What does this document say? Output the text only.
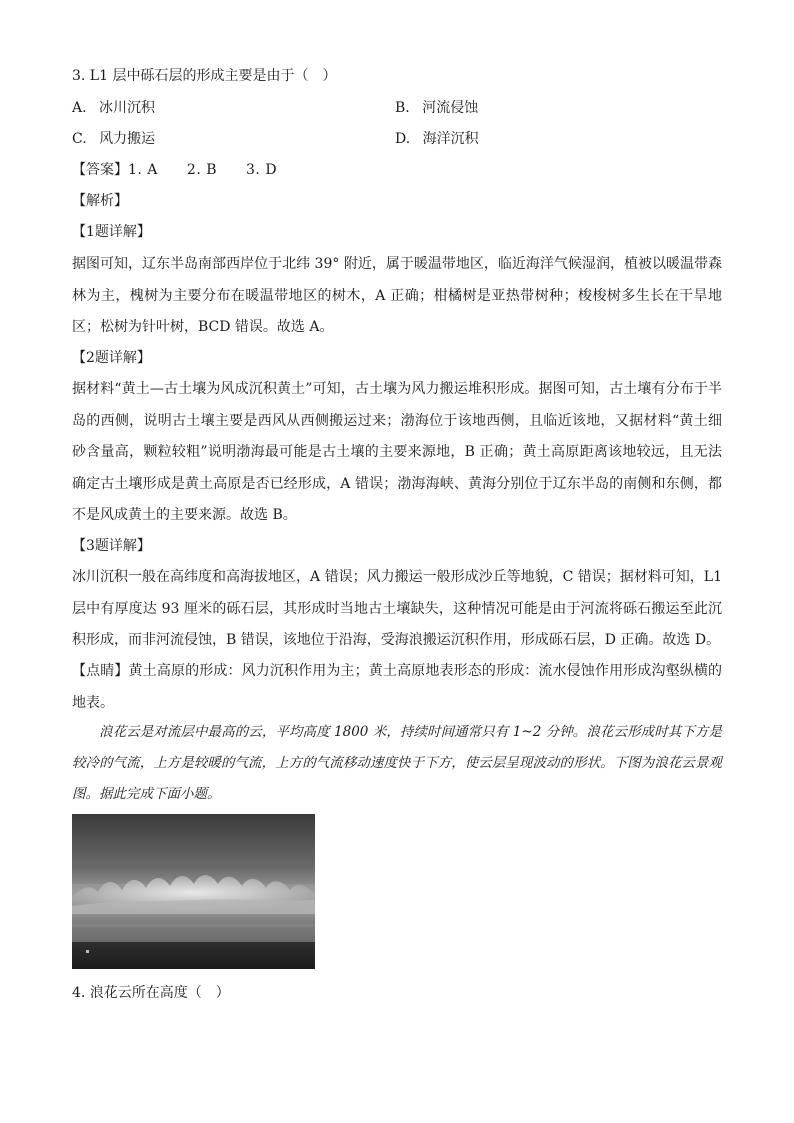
3. L1 层中砾石层的形成主要是由于（　）
A. 冰川沉积	B. 河流侵蚀
C. 风力搬运	D. 海洋沉积
【答案】1. A　　2. B　　3. D
【解析】
【1题详解】
据图可知，辽东半岛南部西岸位于北纬 39° 附近，属于暖温带地区，临近海洋气候湿润，植被以暖温带森林为主，槐树为主要分布在暖温带地区的树木，A 正确；柑橘树是亚热带树种；梭梭树多生长在干旱地区；松树为针叶树，BCD 错误。故选 A。
【2题详解】
据材料“黄土—古土壤为风成沉积黄土”可知，古土壤为风力搬运堆积形成。据图可知，古土壤有分布于半岛的西侧，说明古土壤主要是西风从西侧搬运过来；渤海位于该地西侧，且临近该地，又据材料“黄土细砂含量高，颗粒较粗”说明渤海最可能是古土壤的主要来源地，B 正确；黄土高原距离该地较远，且无法确定古土壤形成是黄土高原是否已经形成，A 错误；渤海海峡、黄海分别位于辽东半岛的南侧和东侧，都不是风成黄土的主要来源。故选 B。
【3题详解】
冰川沉积一般在高纬度和高海拔地区，A 错误；风力搬运一般形成沙丘等地貌，C 错误；据材料可知，L1 层中有厚度达 93 厘米的砾石层，其形成时当地古土壤缺失，这种情况可能是由于河流将砾石搬运至此沉积形成，而非河流侵蚀，B 错误，该地位于沿海，受海浪搬运沉积作用，形成砾石层，D 正确。故选 D。
【点睛】黄土高原的形成：风力沉积作用为主；黄土高原地表形态的形成：流水侵蚀作用形成沟壑纵横的地表。
浪花云是对流层中最高的云，平均高度 1800 米，持续时间通常只有 1~2 分钟。浪花云形成时其下方是较冷的气流，上方是较暖的气流，上方的气流移动速度快于下方，使云层呈现波动的形状。下图为浪花云景观图。据此完成下面小题。
4. 浪花云所在高度（　）
